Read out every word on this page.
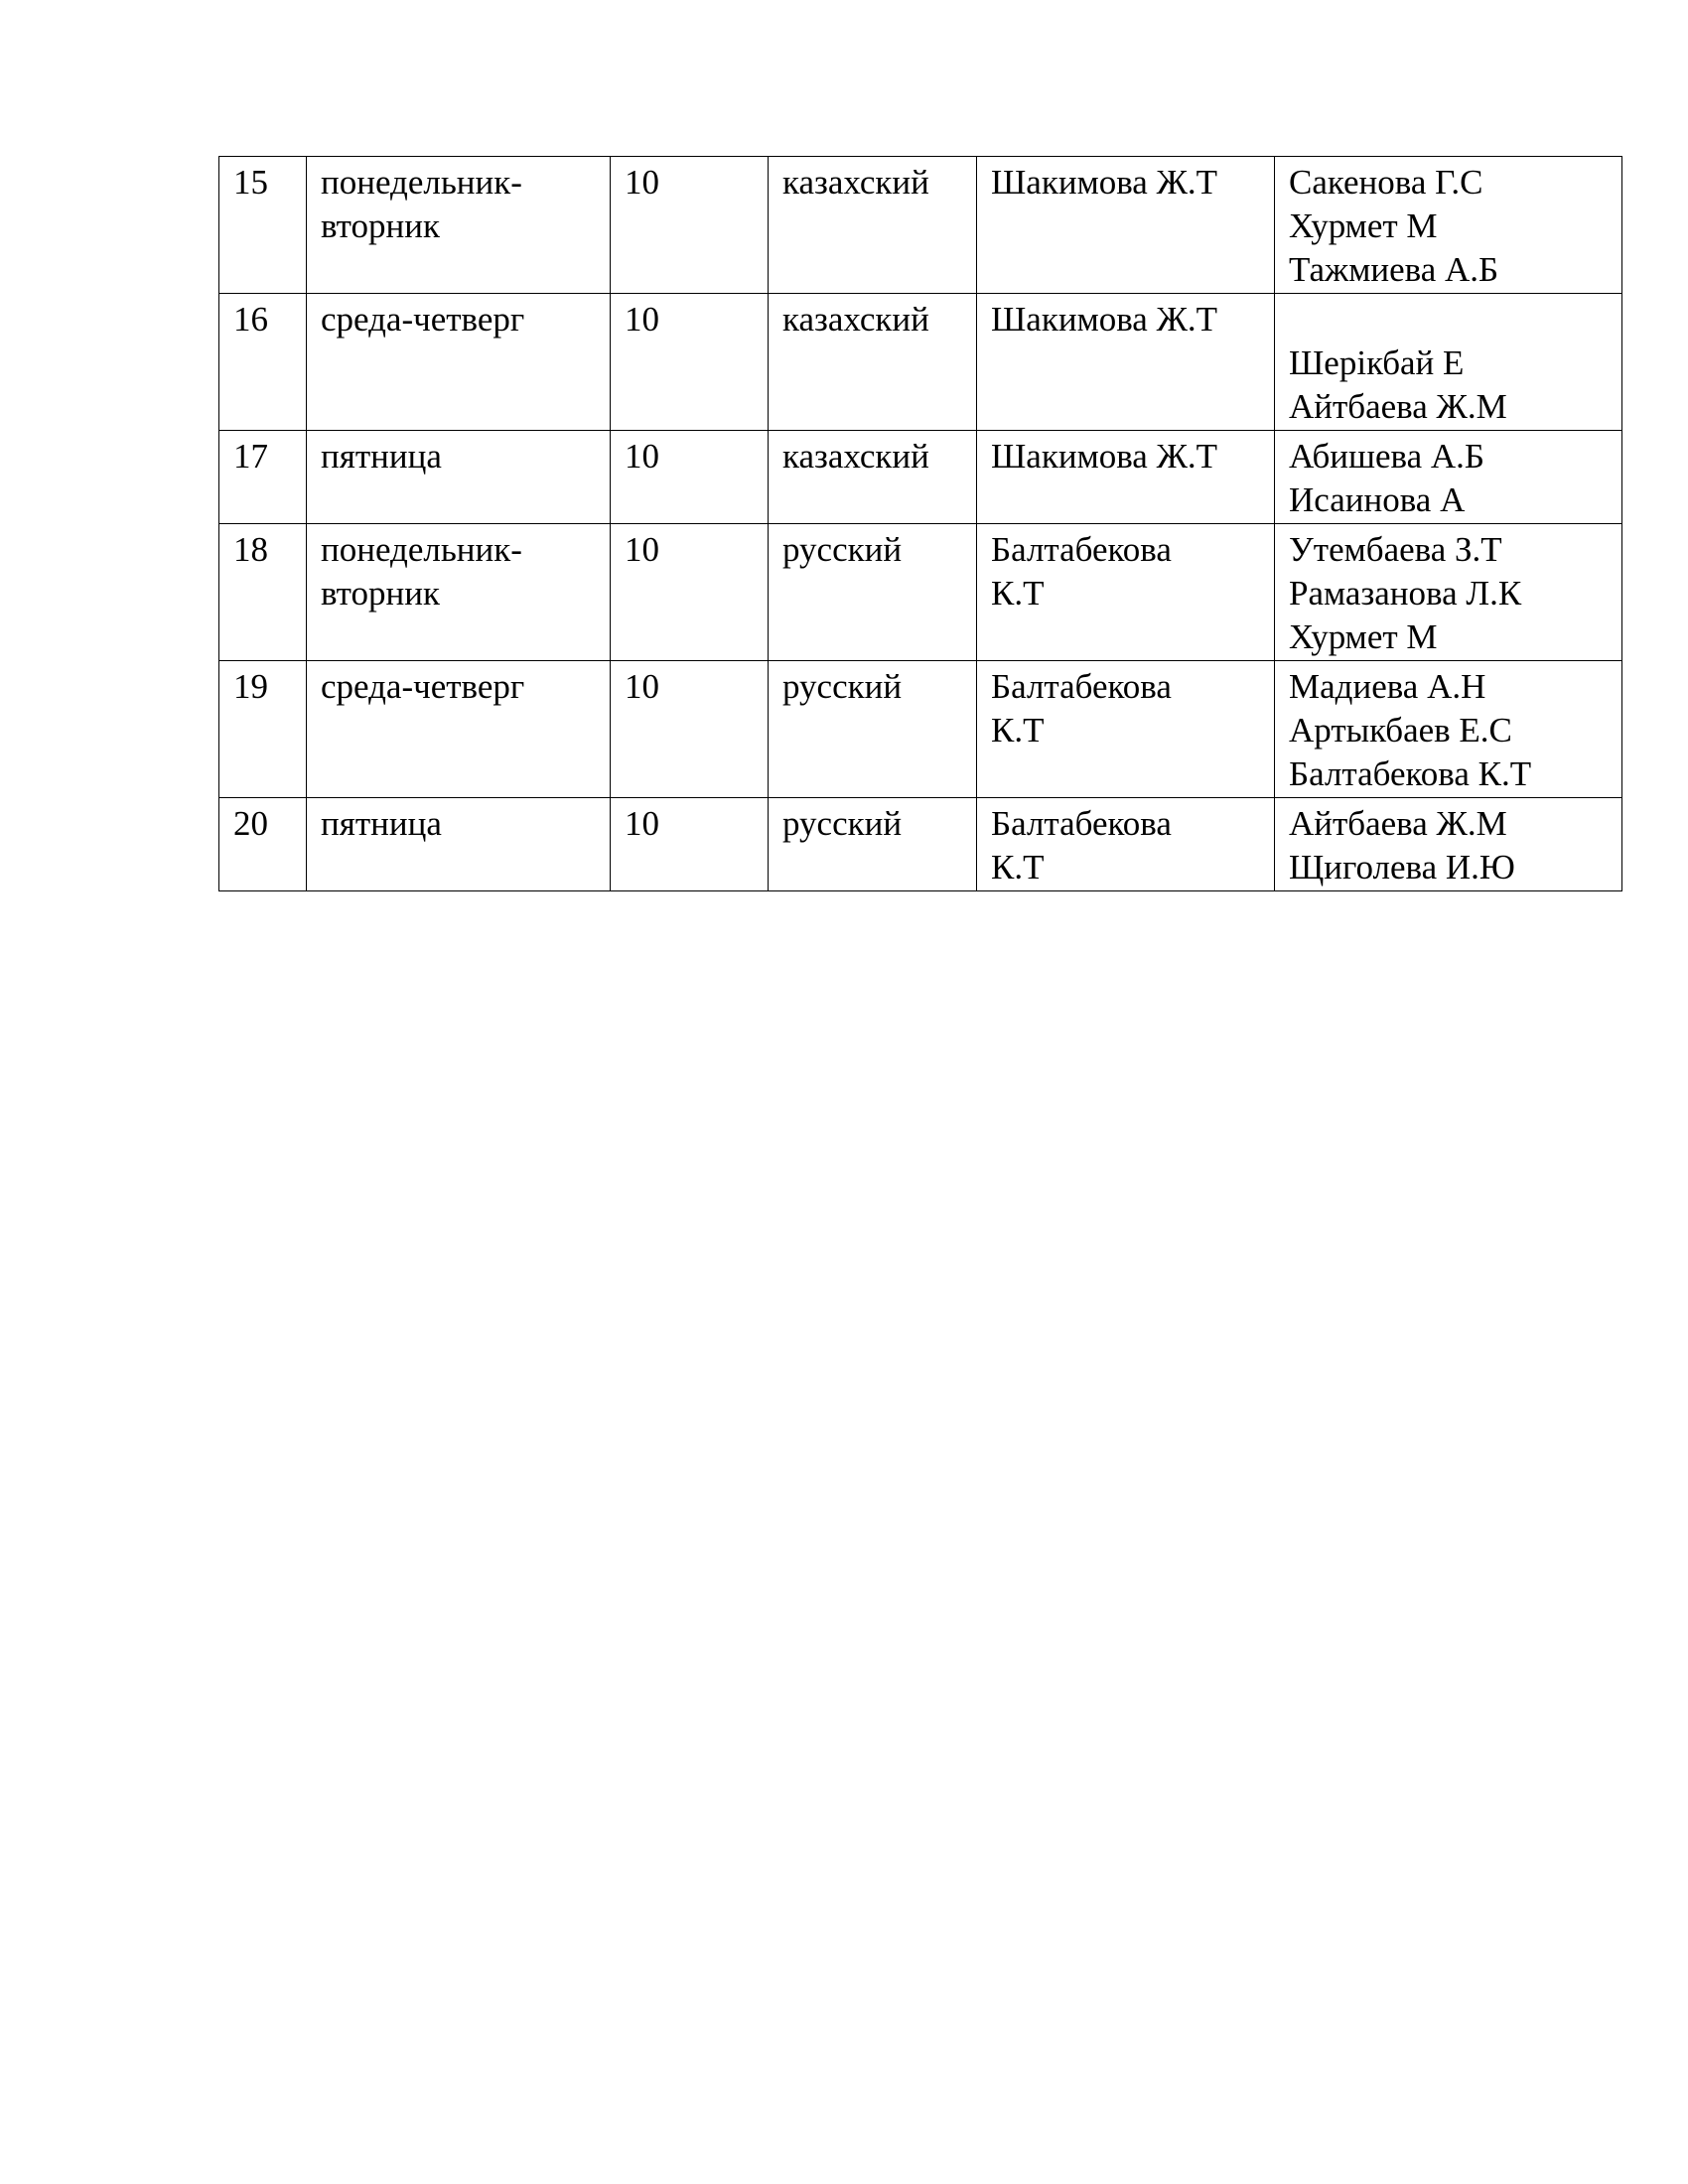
15	понедельник-
вторник	10	казахский	Шакимова Ж.Т	Сакенова Г.С
Хурмет М
Тажмиева А.Б

16	среда-четверг	10	казахский	Шакимова Ж.Т	Шерікбай Е
Айтбаева Ж.М

17	пятница	10	казахский	Шакимова Ж.Т	Абишева А.Б
Исаинова А

18	понедельник-
вторник	10	русский	Балтабекова
К.Т	Утембаева З.Т
Рамазанова Л.К
Хурмет М

19	среда-четверг	10	русский	Балтабекова
К.Т	Мадиева А.Н
Артыкбаев Е.С
Балтабекова К.Т

20	пятница	10	русский	Балтабекова
К.Т	Айтбаева Ж.М
Щиголева И.Ю
